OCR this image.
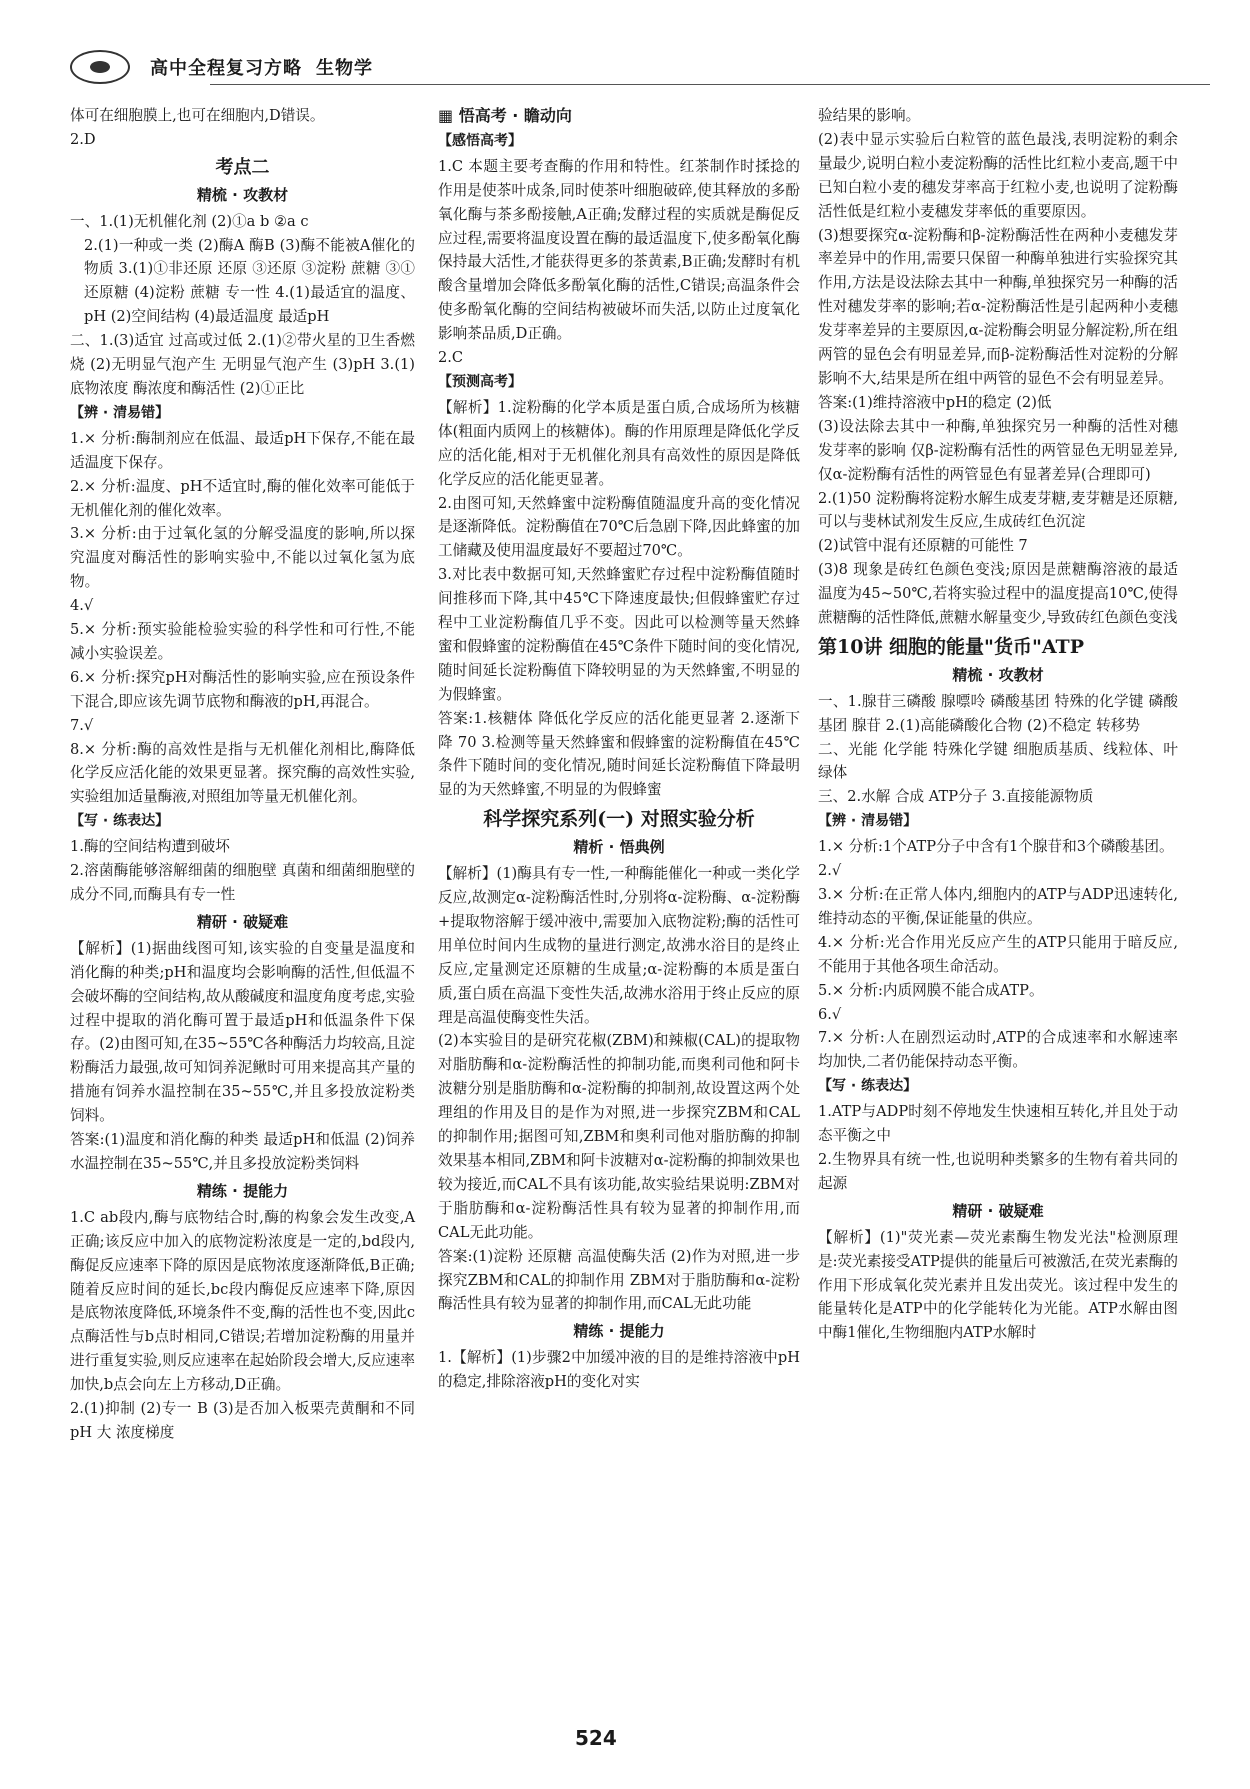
高中全程复习方略 生物学
体可在细胞膜上,也可在细胞内,D错误。
2.D
考点二
精梳 · 攻教材
一、1.(1)无机催化剂 (2)①a b ②a c
2.(1)一种或一类 (2)酶A 酶B (3)酶不能被A催化的物质 3.(1)①非还原 还原 ③还原 ③淀粉 蔗糖 ③①还原糖 (4)淀粉 蔗糖 专一性 4.(1)最适宜的温度、pH (2)空间结构 (4)最适温度 最适pH
二、1.(3)适宜 过高或过低 2.(1)②带火星的卫生香燃烧 (2)无明显气泡产生 无明显气泡产生 (3)pH 3.(1)底物浓度 酶浓度和酶活性 (2)①正比
【辨 · 清易错】
1.× 分析:酶制剂应在低温、最适pH下保存,不能在最适温度下保存。
2.× 分析:温度、pH不适宜时,酶的催化效率可能低于无机催化剂的催化效率。
3.× 分析:由于过氧化氢的分解受温度的影响,所以探究温度对酶活性的影响实验中,不能以过氧化氢为底物。
4.√
5.× 分析:预实验能检验实验的科学性和可行性,不能减小实验误差。
6.× 分析:探究pH对酶活性的影响实验,应在预设条件下混合,即应该先调节底物和酶液的pH,再混合。
7.√
8.× 分析:酶的高效性是指与无机催化剂相比,酶降低化学反应活化能的效果更显著。探究酶的高效性实验,实验组加适量酶液,对照组加等量无机催化剂。
【写 · 练表达】
1.酶的空间结构遭到破坏
2.溶菌酶能够溶解细菌的细胞壁 真菌和细菌细胞壁的成分不同,而酶具有专一性
精研 · 破疑难
【解析】(1)据曲线图可知,该实验的自变量是温度和消化酶的种类;pH和温度均会影响酶的活性,但低温不会破坏酶的空间结构,故从酸碱度和温度角度考虑,实验过程中提取的消化酶可置于最适pH和低温条件下保存。(2)由图可知,在35~55℃各种酶活力均较高,且淀粉酶活力最强,故可知饲养泥鳅时可用来提高其产量的措施有饲养水温控制在35~55℃,并且多投放淀粉类饲料。
答案:(1)温度和消化酶的种类 最适pH和低温 (2)饲养水温控制在35~55℃,并且多投放淀粉类饲料
精练 · 提能力
1.C ab段内,酶与底物结合时,酶的构象会发生改变,A正确;该反应中加入的底物淀粉浓度是一定的,bd段内,酶促反应速率下降的原因是底物浓度逐渐降低,B正确;随着反应时间的延长,bc段内酶促反应速率下降,原因是底物浓度降低,环境条件不变,酶的活性也不变,因此c点酶活性与b点时相同,C错误;若增加淀粉酶的用量并进行重复实验,则反应速率在起始阶段会增大,反应速率加快,b点会向左上方移动,D正确。
2.(1)抑制 (2)专一 B (3)是否加入板栗壳黄酮和不同pH 大 浓度梯度
▦ 悟高考 · 瞻动向
【感悟高考】
1.C 本题主要考查酶的作用和特性。红茶制作时揉捻的作用是使茶叶成条,同时使茶叶细胞破碎,使其释放的多酚氧化酶与茶多酚接触,A正确;发酵过程的实质就是酶促反应过程,需要将温度设置在酶的最适温度下,使多酚氧化酶保持最大活性,才能获得更多的茶黄素,B正确;发酵时有机酸含量增加会降低多酚氧化酶的活性,C错误;高温条件会使多酚氧化酶的空间结构被破坏而失活,以防止过度氧化影响茶品质,D正确。
2.C
【预测高考】
【解析】1.淀粉酶的化学本质是蛋白质,合成场所为核糖体(粗面内质网上的核糖体)。酶的作用原理是降低化学反应的活化能,相对于无机催化剂具有高效性的原因是降低化学反应的活化能更显著。
2.由图可知,天然蜂蜜中淀粉酶值随温度升高的变化情况是逐渐降低。淀粉酶值在70℃后急剧下降,因此蜂蜜的加工储藏及使用温度最好不要超过70℃。
3.对比表中数据可知,天然蜂蜜贮存过程中淀粉酶值随时间推移而下降,其中45℃下降速度最快;但假蜂蜜贮存过程中工业淀粉酶值几乎不变。因此可以检测等量天然蜂蜜和假蜂蜜的淀粉酶值在45℃条件下随时间的变化情况,随时间延长淀粉酶值下降较明显的为天然蜂蜜,不明显的为假蜂蜜。
答案:1.核糖体 降低化学反应的活化能更显著 2.逐渐下降 70 3.检测等量天然蜂蜜和假蜂蜜的淀粉酶值在45℃条件下随时间的变化情况,随时间延长淀粉酶值下降最明显的为天然蜂蜜,不明显的为假蜂蜜
科学探究系列(一) 对照实验分析
精析 · 悟典例
【解析】(1)酶具有专一性,一种酶能催化一种或一类化学反应,故测定α-淀粉酶活性时,分别将α-淀粉酶、α-淀粉酶+提取物溶解于缓冲液中,需要加入底物淀粉;酶的活性可用单位时间内生成物的量进行测定,故沸水浴目的是终止反应,定量测定还原糖的生成量;α-淀粉酶的本质是蛋白质,蛋白质在高温下变性失活,故沸水浴用于终止反应的原理是高温使酶变性失活。
(2)本实验目的是研究花椒(ZBM)和辣椒(CAL)的提取物对脂肪酶和α-淀粉酶活性的抑制功能,而奥利司他和阿卡波糖分别是脂肪酶和α-淀粉酶的抑制剂,故设置这两个处理组的作用及目的是作为对照,进一步探究ZBM和CAL的抑制作用;据图可知,ZBM和奥利司他对脂肪酶的抑制效果基本相同,ZBM和阿卡波糖对α-淀粉酶的抑制效果也较为接近,而CAL不具有该功能,故实验结果说明:ZBM对于脂肪酶和α-淀粉酶活性具有较为显著的抑制作用,而CAL无此功能。
答案:(1)淀粉 还原糖 高温使酶失活 (2)作为对照,进一步探究ZBM和CAL的抑制作用 ZBM对于脂肪酶和α-淀粉酶活性具有较为显著的抑制作用,而CAL无此功能
精练 · 提能力
1.【解析】(1)步骤2中加缓冲液的目的是维持溶液中pH的稳定,排除溶液pH的变化对实
验结果的影响。
(2)表中显示实验后白粒管的蓝色最浅,表明淀粉的剩余量最少,说明白粒小麦淀粉酶的活性比红粒小麦高,题干中已知白粒小麦的穗发芽率高于红粒小麦,也说明了淀粉酶活性低是红粒小麦穗发芽率低的重要原因。
(3)想要探究α-淀粉酶和β-淀粉酶活性在两种小麦穗发芽率差异中的作用,需要只保留一种酶单独进行实验探究其作用,方法是设法除去其中一种酶,单独探究另一种酶的活性对穗发芽率的影响;若α-淀粉酶活性是引起两种小麦穗发芽率差异的主要原因,α-淀粉酶会明显分解淀粉,所在组两管的显色会有明显差异,而β-淀粉酶活性对淀粉的分解影响不大,结果是所在组中两管的显色不会有明显差异。
答案:(1)维持溶液中pH的稳定 (2)低
(3)设法除去其中一种酶,单独探究另一种酶的活性对穗发芽率的影响 仅β-淀粉酶有活性的两管显色无明显差异,仅α-淀粉酶有活性的两管显色有显著差异(合理即可)
2.(1)50 淀粉酶将淀粉水解生成麦芽糖,麦芽糖是还原糖,可以与斐林试剂发生反应,生成砖红色沉淀
(2)试管中混有还原糖的可能性 7
(3)8 现象是砖红色颜色变浅;原因是蔗糖酶溶液的最适温度为45~50℃,若将实验过程中的温度提高10℃,使得蔗糖酶的活性降低,蔗糖水解量变少,导致砖红色颜色变浅
第10讲 细胞的能量"货币"ATP
精梳 · 攻教材
一、1.腺苷三磷酸 腺嘌呤 磷酸基团 特殊的化学键 磷酸基团 腺苷 2.(1)高能磷酸化合物 (2)不稳定 转移势
二、光能 化学能 特殊化学键 细胞质基质、线粒体、叶绿体
三、2.水解 合成 ATP分子 3.直接能源物质
【辨 · 清易错】
1.× 分析:1个ATP分子中含有1个腺苷和3个磷酸基团。
2.√
3.× 分析:在正常人体内,细胞内的ATP与ADP迅速转化,维持动态的平衡,保证能量的供应。
4.× 分析:光合作用光反应产生的ATP只能用于暗反应,不能用于其他各项生命活动。
5.× 分析:内质网膜不能合成ATP。
6.√
7.× 分析:人在剧烈运动时,ATP的合成速率和水解速率均加快,二者仍能保持动态平衡。
【写 · 练表达】
1.ATP与ADP时刻不停地发生快速相互转化,并且处于动态平衡之中
2.生物界具有统一性,也说明种类繁多的生物有着共同的起源
精研 · 破疑难
【解析】(1)"荧光素—荧光素酶生物发光法"检测原理是:荧光素接受ATP提供的能量后可被激活,在荧光素酶的作用下形成氧化荧光素并且发出荧光。该过程中发生的能量转化是ATP中的化学能转化为光能。ATP水解由图中酶1催化,生物细胞内ATP水解时
524
